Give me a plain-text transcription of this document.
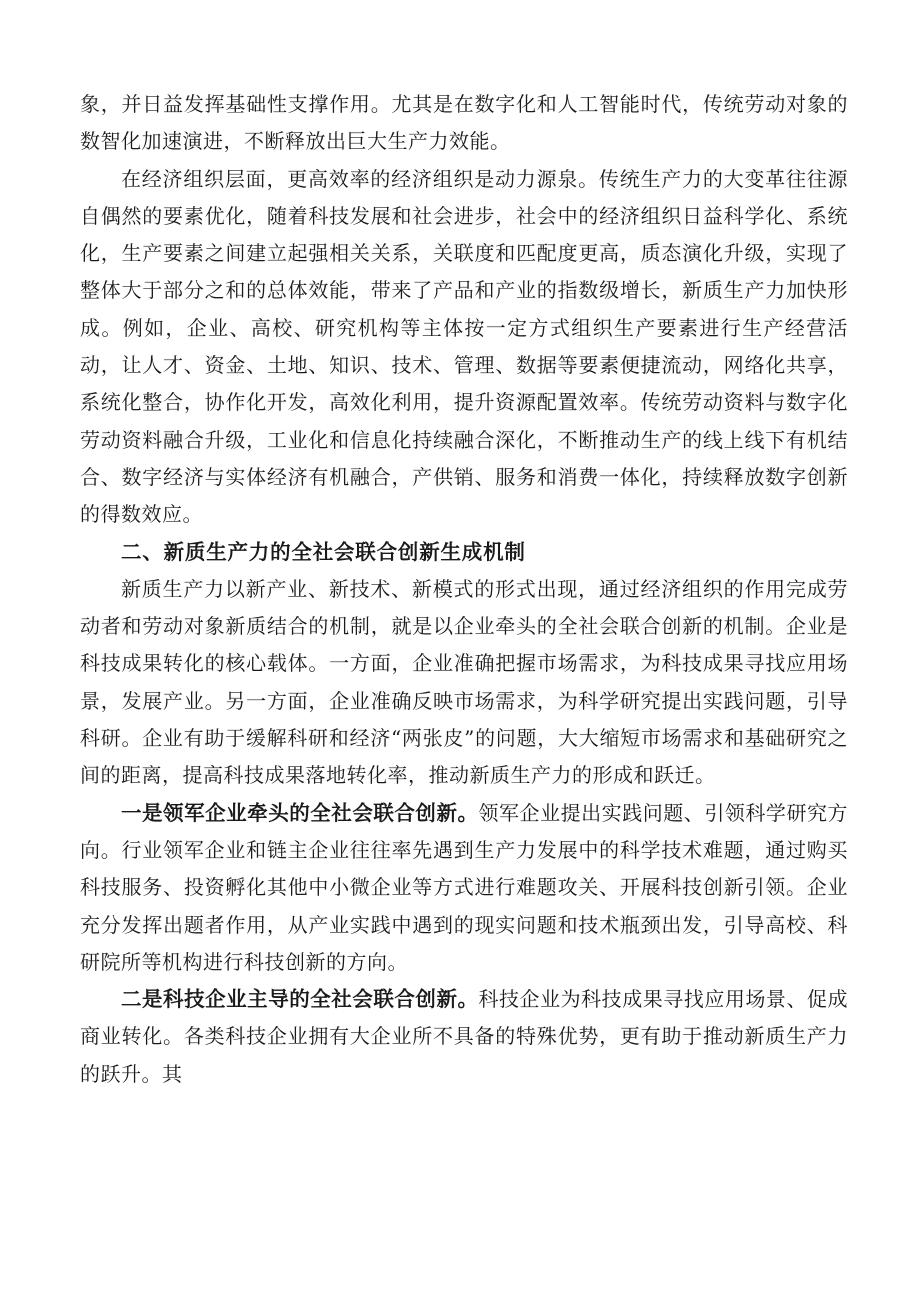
象，并日益发挥基础性支撑作用。尤其是在数字化和人工智能时代，传统劳动对象的数智化加速演进，不断释放出巨大生产力效能。

在经济组织层面，更高效率的经济组织是动力源泉。传统生产力的大变革往往源自偶然的要素优化，随着科技发展和社会进步，社会中的经济组织日益科学化、系统化，生产要素之间建立起强相关关系，关联度和匹配度更高，质态演化升级，实现了整体大于部分之和的总体效能，带来了产品和产业的指数级增长，新质生产力加快形成。例如，企业、高校、研究机构等主体按一定方式组织生产要素进行生产经营活动，让人才、资金、土地、知识、技术、管理、数据等要素便捷流动，网络化共享，系统化整合，协作化开发，高效化利用，提升资源配置效率。传统劳动资料与数字化劳动资料融合升级，工业化和信息化持续融合深化，不断推动生产的线上线下有机结合、数字经济与实体经济有机融合，产供销、服务和消费一体化，持续释放数字创新的得数效应。

二、新质生产力的全社会联合创新生成机制

新质生产力以新产业、新技术、新模式的形式出现，通过经济组织的作用完成劳动者和劳动对象新质结合的机制，就是以企业牵头的全社会联合创新的机制。企业是科技成果转化的核心载体。一方面，企业准确把握市场需求，为科技成果寻找应用场景，发展产业。另一方面，企业准确反映市场需求，为科学研究提出实践问题，引导科研。企业有助于缓解科研和经济“两张皮”的问题，大大缩短市场需求和基础研究之间的距离，提高科技成果落地转化率，推动新质生产力的形成和跃迁。

一是领军企业牵头的全社会联合创新。领军企业提出实践问题、引领科学研究方向。行业领军企业和链主企业往往率先遇到生产力发展中的科学技术难题，通过购买科技服务、投资孵化其他中小微企业等方式进行难题攻关、开展科技创新引领。企业充分发挥出题者作用，从产业实践中遇到的现实问题和技术瓶颈出发，引导高校、科研院所等机构进行科技创新的方向。

二是科技企业主导的全社会联合创新。科技企业为科技成果寻找应用场景、促成商业转化。各类科技企业拥有大企业所不具备的特殊优势，更有助于推动新质生产力的跃升。其
